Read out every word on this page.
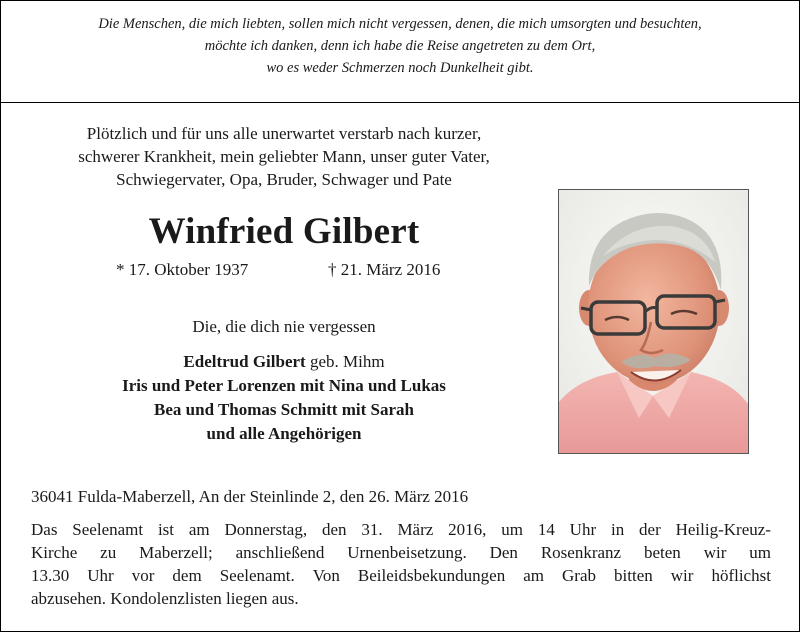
Die Menschen, die mich liebten, sollen mich nicht vergessen, denen, die mich umsorgten und besuchten,
möchte ich danken, denn ich habe die Reise angetreten zu dem Ort,
wo es weder Schmerzen noch Dunkelheit gibt.
Plötzlich und für uns alle unerwartet verstarb nach kurzer,
schwerer Krankheit, mein geliebter Mann, unser guter Vater,
Schwiegervater, Opa, Bruder, Schwager und Pate
Winfried Gilbert
* 17. Oktober 1937	† 21. März 2016
Die, die dich nie vergessen
Edeltrud Gilbert geb. Mihm
Iris und Peter Lorenzen mit Nina und Lukas
Bea und Thomas Schmitt mit Sarah
und alle Angehörigen
36041 Fulda-Maberzell, An der Steinlinde 2, den 26. März 2016
Das Seelenamt ist am Donnerstag, den 31. März 2016, um 14 Uhr in der Heilig-Kreuz-
Kirche zu Maberzell; anschließend Urnenbeisetzung. Den Rosenkranz beten wir um
13.30 Uhr vor dem Seelenamt. Von Beileidsbekundungen am Grab bitten wir höflichst
abzusehen. Kondolenzlisten liegen aus.
